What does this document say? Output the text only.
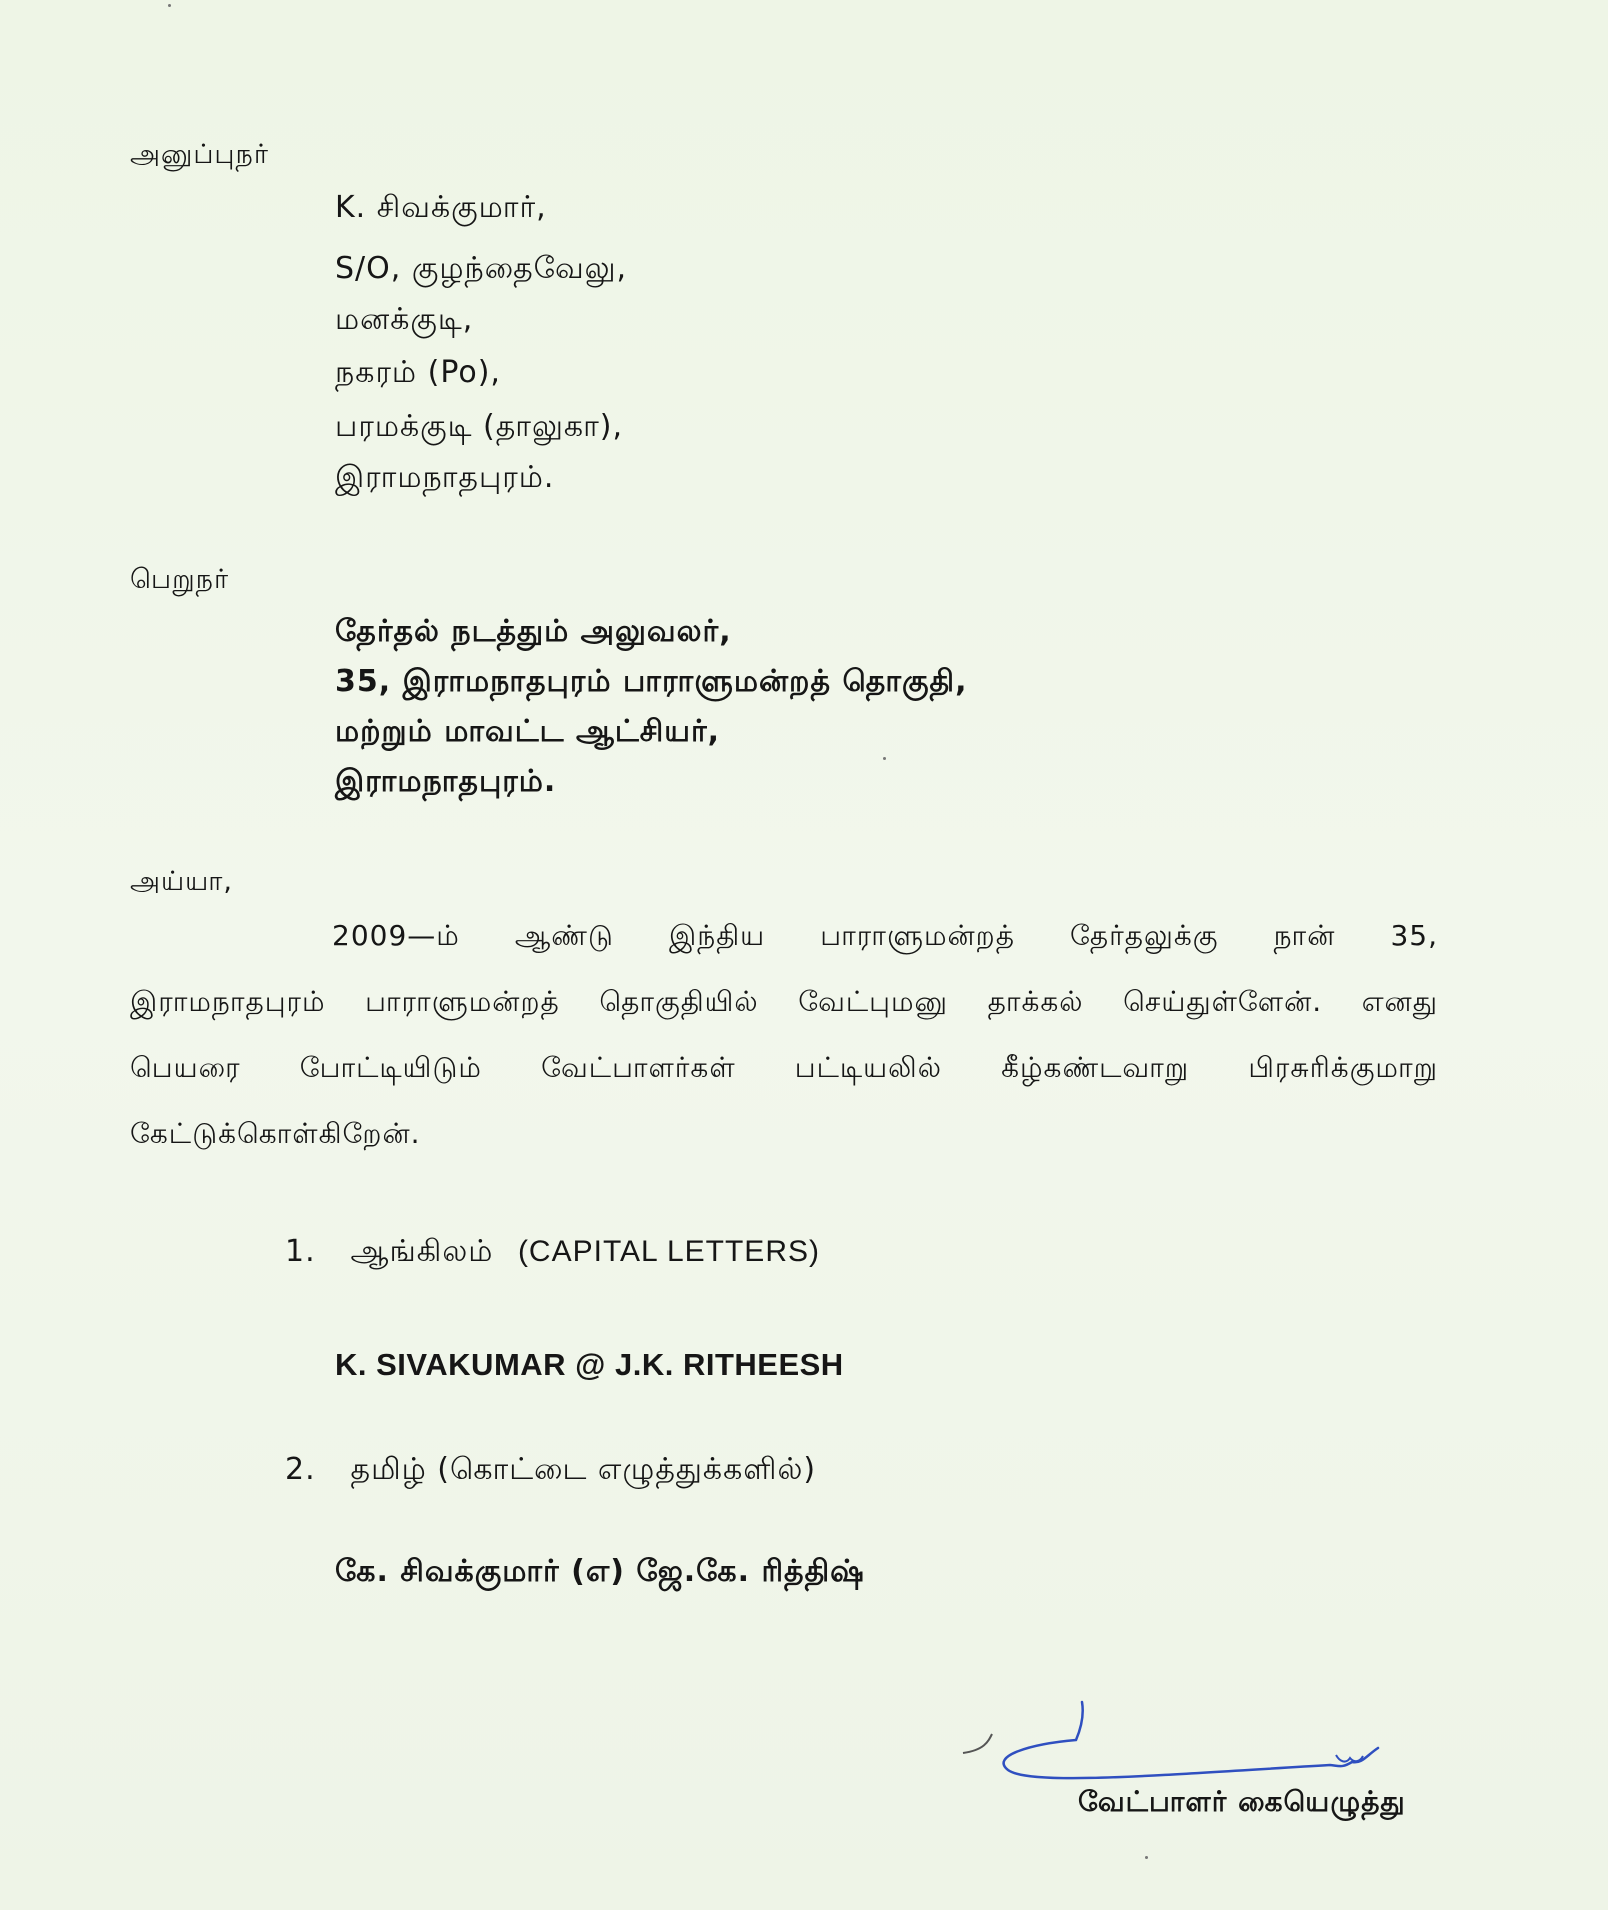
அனுப்புநர்
K. சிவக்குமார்,
S/O, குழந்தைவேலு,
மனக்குடி,
நகரம் (Po),
பரமக்குடி (தாலுகா),
இராமநாதபுரம்.
பெறுநர்
தேர்தல் நடத்தும் அலுவலர்,
35, இராமநாதபுரம் பாராளுமன்றத் தொகுதி,
மற்றும் மாவட்ட ஆட்சியர்,
இராமநாதபுரம்.
அய்யா,
2009—ம் ஆண்டு இந்திய பாராளுமன்றத் தேர்தலுக்கு நான் 35,
இராமநாதபுரம் பாராளுமன்றத் தொகுதியில் வேட்புமனு தாக்கல் செய்துள்ளேன். எனது
பெயரை போட்டியிடும் வேட்பாளர்கள் பட்டியலில் கீழ்கண்டவாறு பிரசுரிக்குமாறு
கேட்டுக்கொள்கிறேன்.
1. ஆங்கிலம் (CAPITAL LETTERS)
K. SIVAKUMAR @ J.K. RITHEESH
2. தமிழ் (கொட்டை எழுத்துக்களில்)
கே. சிவக்குமார் (எ) ஜே.கே. ரித்திஷ்
வேட்பாளர் கையெழுத்து
